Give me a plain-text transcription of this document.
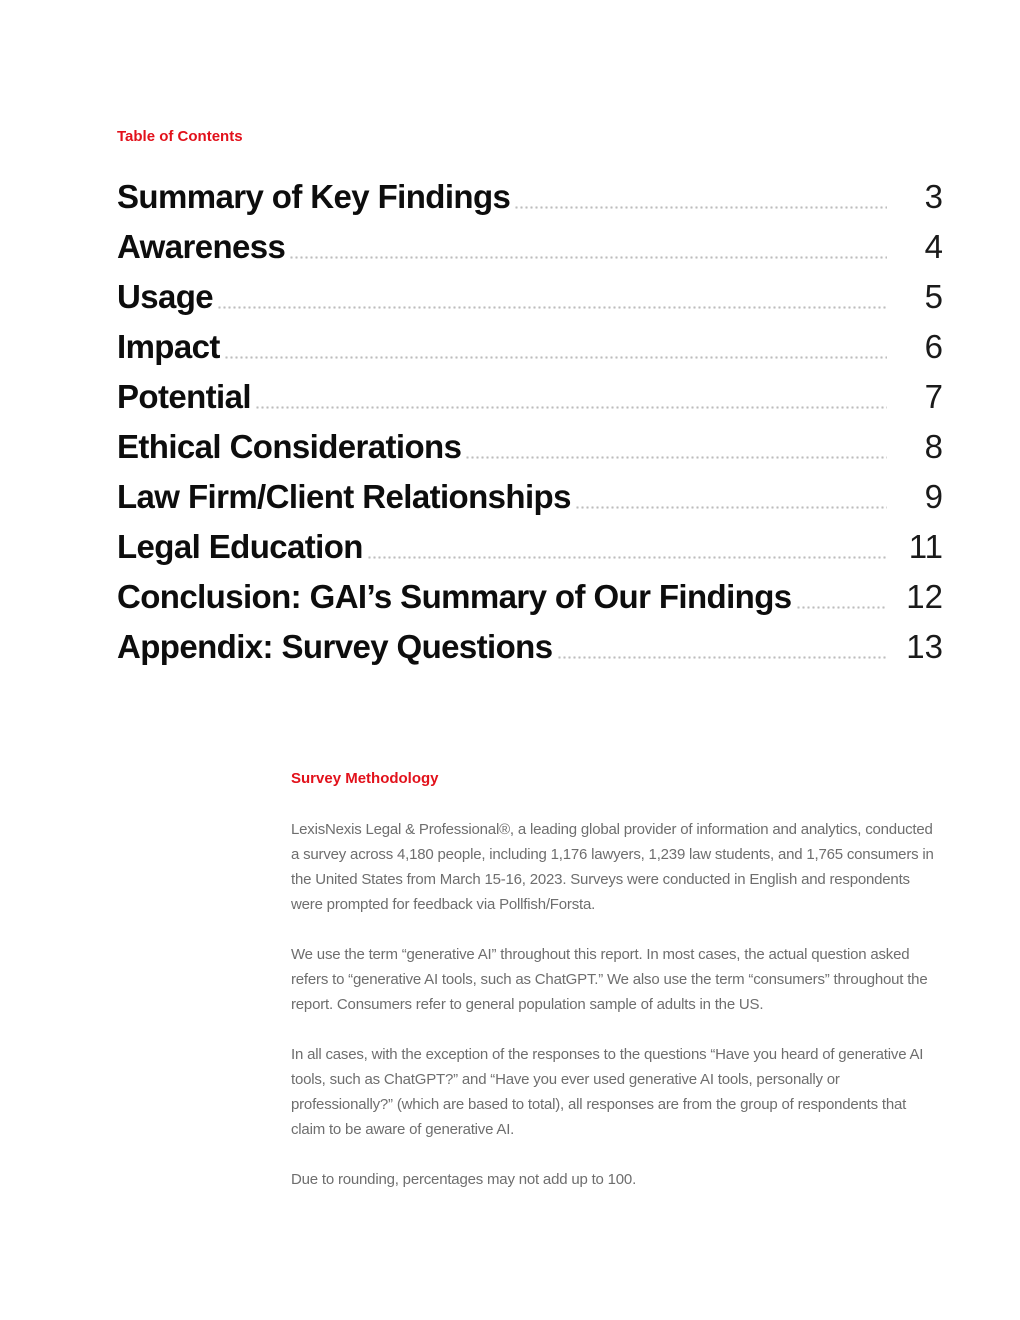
Table of Contents
Summary of Key Findings	3
Awareness	4
Usage	5
Impact	6
Potential	7
Ethical Considerations	8
Law Firm/Client Relationships	9
Legal Education	11
Conclusion: GAI’s Summary of Our Findings	12
Appendix: Survey Questions	13
Survey Methodology

LexisNexis Legal & Professional®, a leading global provider of information and analytics, conducted a survey across 4,180 people, including 1,176 lawyers, 1,239 law students, and 1,765 consumers in the United States from March 15-16, 2023. Surveys were conducted in English and respondents were prompted for feedback via Pollfish/Forsta.

We use the term “generative AI” throughout this report. In most cases, the actual question asked refers to “generative AI tools, such as ChatGPT.” We also use the term “consumers” throughout the report. Consumers refer to general population sample of adults in the US.

In all cases, with the exception of the responses to the questions “Have you heard of generative AI tools, such as ChatGPT?” and “Have you ever used generative AI tools, personally or professionally?” (which are based to total), all responses are from the group of respondents that claim to be aware of generative AI.

Due to rounding, percentages may not add up to 100.
